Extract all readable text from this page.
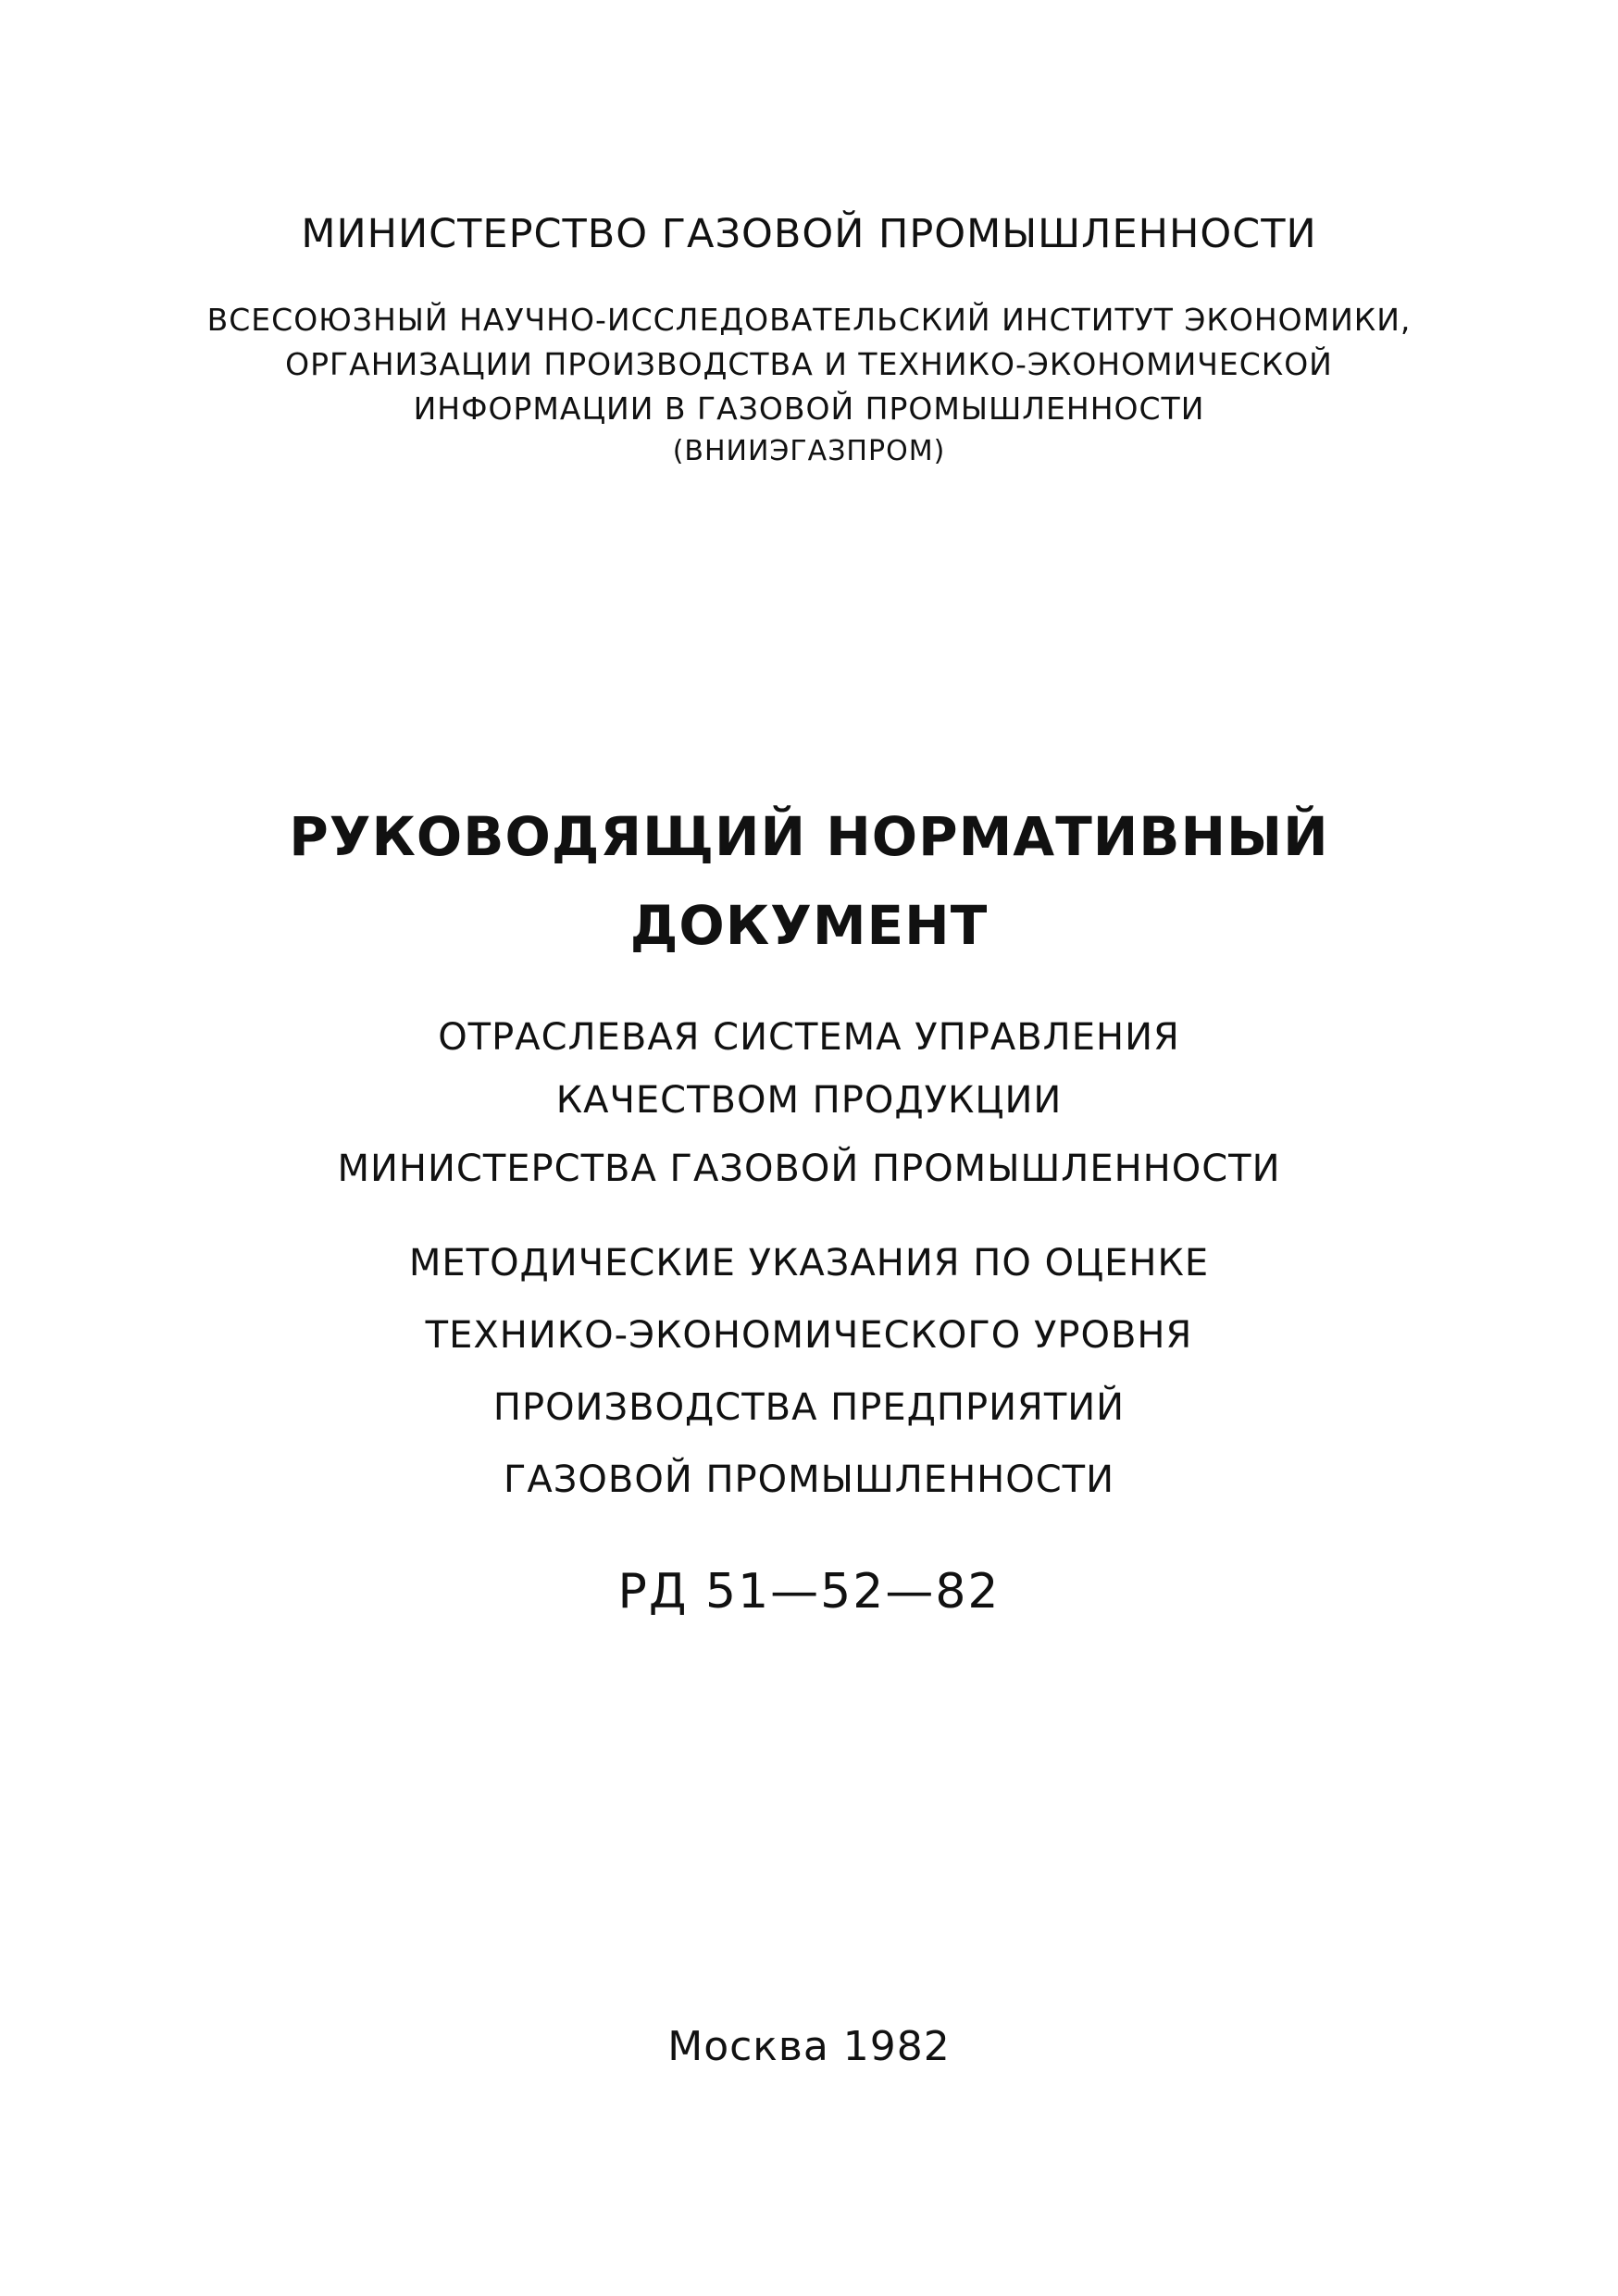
МИНИСТЕРСТВО ГАЗОВОЙ ПРОМЫШЛЕННОСТИ
ВСЕСОЮЗНЫЙ НАУЧНО-ИССЛЕДОВАТЕЛЬСКИЙ ИНСТИТУТ ЭКОНОМИКИ,
ОРГАНИЗАЦИИ ПРОИЗВОДСТВА И ТЕХНИКО-ЭКОНОМИЧЕСКОЙ
ИНФОРМАЦИИ В ГАЗОВОЙ ПРОМЫШЛЕННОСТИ
(ВНИИЭГАЗПРОМ)
РУКОВОДЯЩИЙ НОРМАТИВНЫЙ
ДОКУМЕНТ
ОТРАСЛЕВАЯ СИСТЕМА УПРАВЛЕНИЯ
КАЧЕСТВОМ ПРОДУКЦИИ
МИНИСТЕРСТВА ГАЗОВОЙ ПРОМЫШЛЕННОСТИ
МЕТОДИЧЕСКИЕ УКАЗАНИЯ ПО ОЦЕНКЕ
ТЕХНИКО-ЭКОНОМИЧЕСКОГО УРОВНЯ
ПРОИЗВОДСТВА ПРЕДПРИЯТИЙ
ГАЗОВОЙ ПРОМЫШЛЕННОСТИ
РД 51—52—82
Москва 1982
